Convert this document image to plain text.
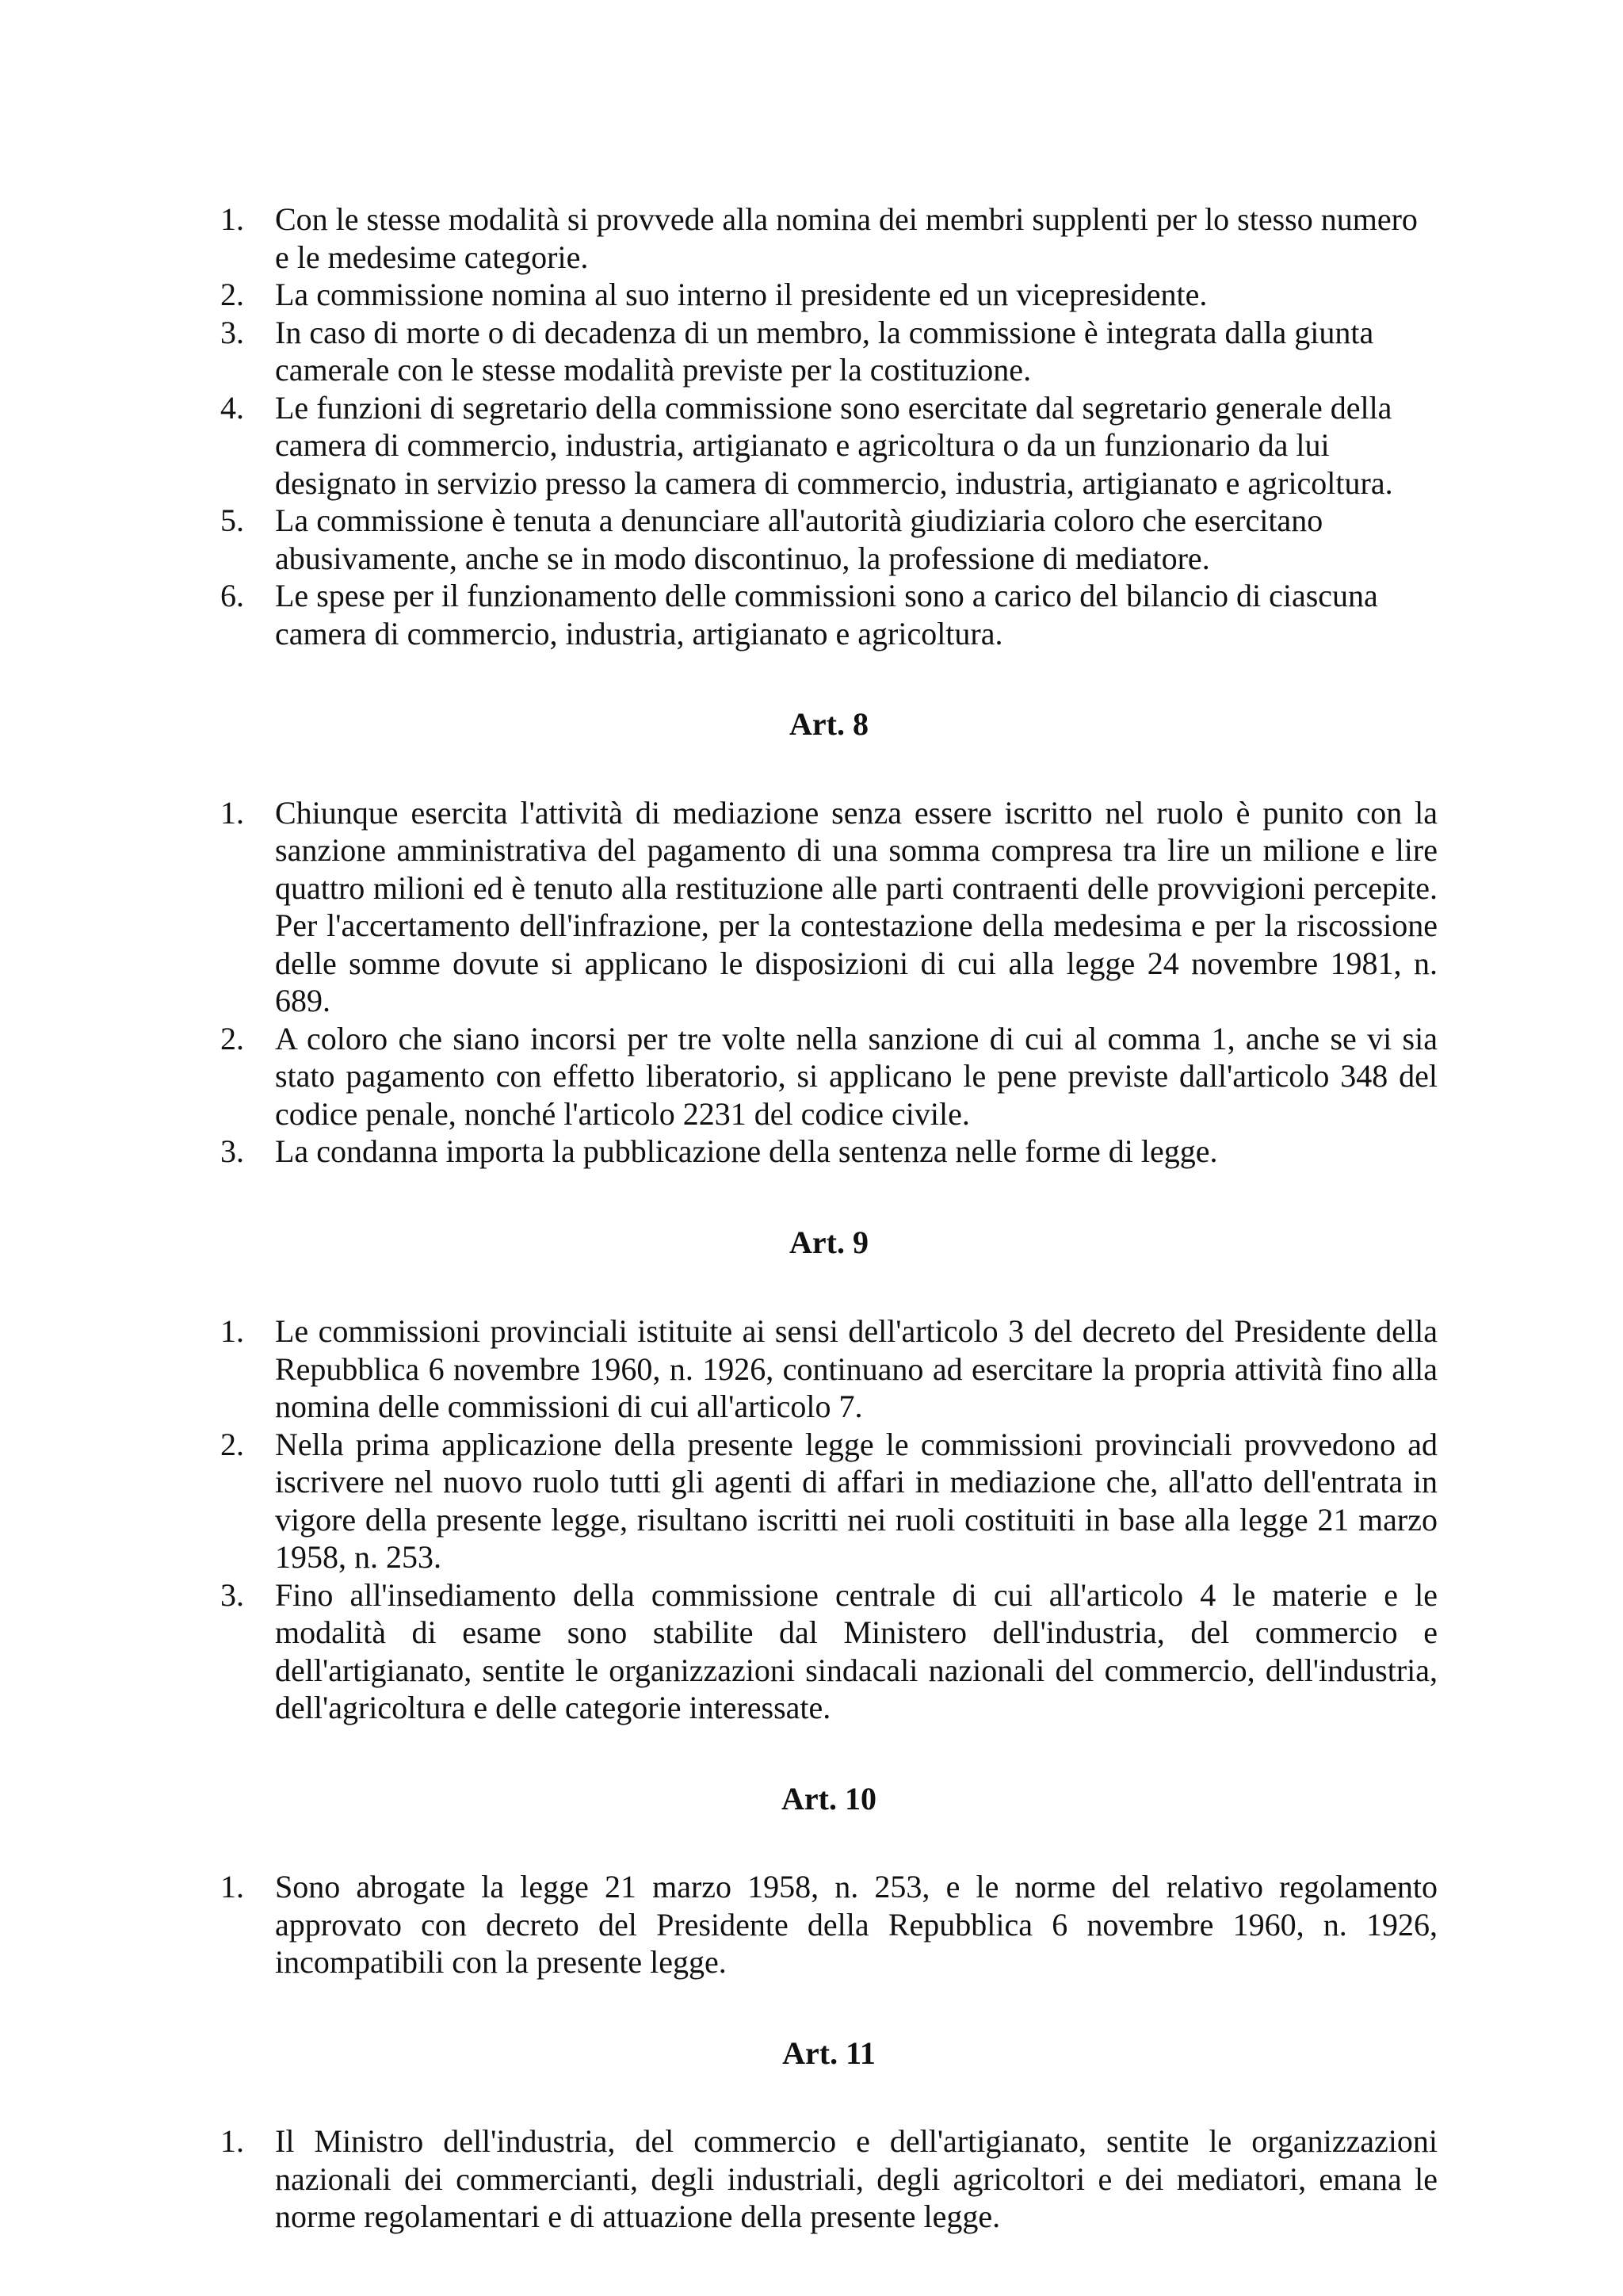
1. Con le stesse modalità si provvede alla nomina dei membri supplenti per lo stesso numero e le medesime categorie.
2. La commissione nomina al suo interno il presidente ed un vicepresidente.
3. In caso di morte o di decadenza di un membro, la commissione è integrata dalla giunta camerale con le stesse modalità previste per la costituzione.
4. Le funzioni di segretario della commissione sono esercitate dal segretario generale della camera di commercio, industria, artigianato e agricoltura o da un funzionario da lui designato in servizio presso la camera di commercio, industria, artigianato e agricoltura.
5. La commissione è tenuta a denunciare all'autorità giudiziaria coloro che esercitano abusivamente, anche se in modo discontinuo, la professione di mediatore.
6. Le spese per il funzionamento delle commissioni sono a carico del bilancio di ciascuna camera di commercio, industria, artigianato e agricoltura.

Art. 8

1. Chiunque esercita l'attività di mediazione senza essere iscritto nel ruolo è punito con la sanzione amministrativa del pagamento di una somma compresa tra lire un milione e lire quattro milioni ed è tenuto alla restituzione alle parti contraenti delle provvigioni percepite. Per l'accertamento dell'infrazione, per la contestazione della medesima e per la riscossione delle somme dovute si applicano le disposizioni di cui alla legge 24 novembre 1981, n. 689.
2. A coloro che siano incorsi per tre volte nella sanzione di cui al comma 1, anche se vi sia stato pagamento con effetto liberatorio, si applicano le pene previste dall'articolo 348 del codice penale, nonché l'articolo 2231 del codice civile.
3. La condanna importa la pubblicazione della sentenza nelle forme di legge.

Art. 9

1. Le commissioni provinciali istituite ai sensi dell'articolo 3 del decreto del Presidente della Repubblica 6 novembre 1960, n. 1926, continuano ad esercitare la propria attività fino alla nomina delle commissioni di cui all'articolo 7.
2. Nella prima applicazione della presente legge le commissioni provinciali provvedono ad iscrivere nel nuovo ruolo tutti gli agenti di affari in mediazione che, all'atto dell'entrata in vigore della presente legge, risultano iscritti nei ruoli costituiti in base alla legge 21 marzo 1958, n. 253.
3. Fino all'insediamento della commissione centrale di cui all'articolo 4 le materie e le modalità di esame sono stabilite dal Ministero dell'industria, del commercio e dell'artigianato, sentite le organizzazioni sindacali nazionali del commercio, dell'industria, dell'agricoltura e delle categorie interessate.

Art. 10

1. Sono abrogate la legge 21 marzo 1958, n. 253, e le norme del relativo regolamento approvato con decreto del Presidente della Repubblica 6 novembre 1960, n. 1926, incompatibili con la presente legge.

Art. 11

1. Il Ministro dell'industria, del commercio e dell'artigianato, sentite le organizzazioni nazionali dei commercianti, degli industriali, degli agricoltori e dei mediatori, emana le norme regolamentari e di attuazione della presente legge.
